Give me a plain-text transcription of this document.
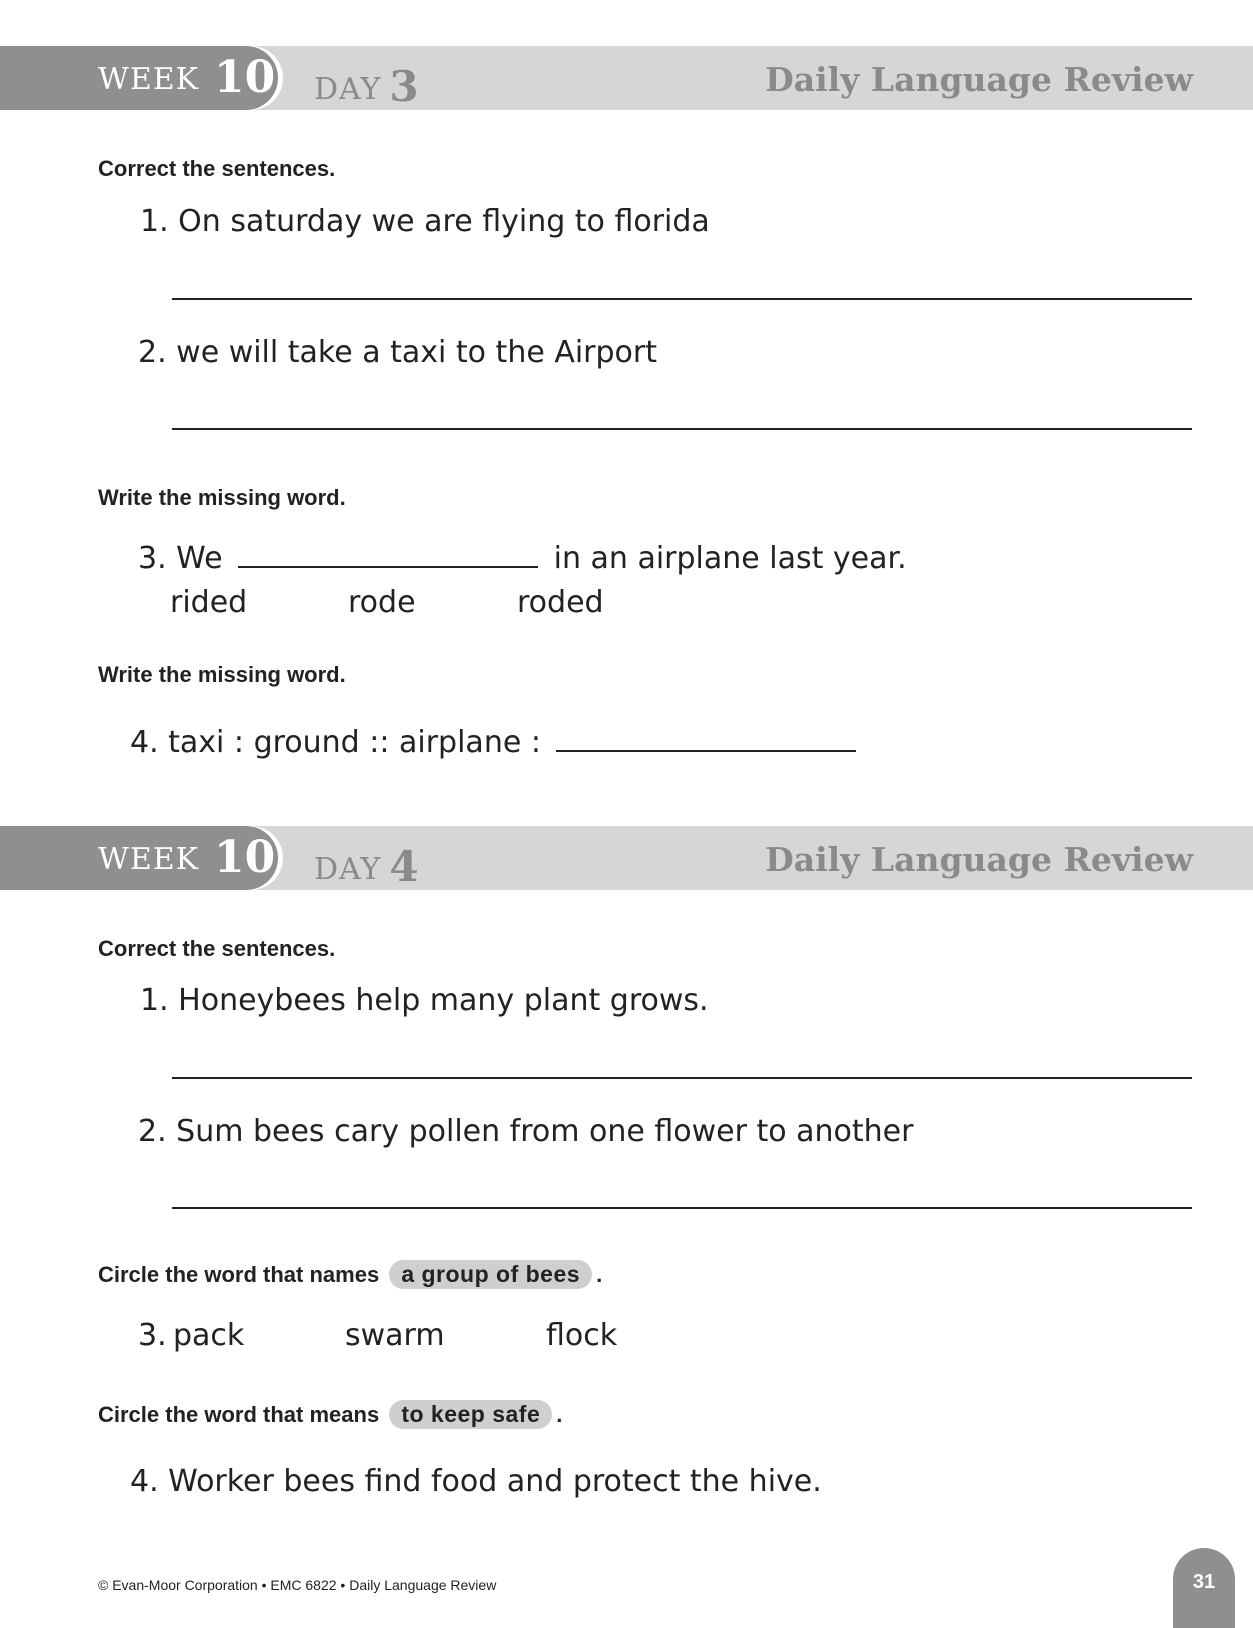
WEEK 10 DAY 3	Daily Language Review
Correct the sentences.
1. On saturday we are flying to florida
2. we will take a taxi to the Airport
Write the missing word.
3. We	in an airplane last year.
rided	rode	roded
Write the missing word.
4. taxi : ground :: airplane :
WEEK 10 DAY 4	Daily Language Review
Correct the sentences.
1. Honeybees help many plant grows.
2. Sum bees cary pollen from one flower to another
Circle the word that names a group of bees .
3. pack	swarm	flock
Circle the word that means to keep safe .
4. Worker bees find food and protect the hive.
© Evan-Moor Corporation • EMC 6822 • Daily Language Review	31
